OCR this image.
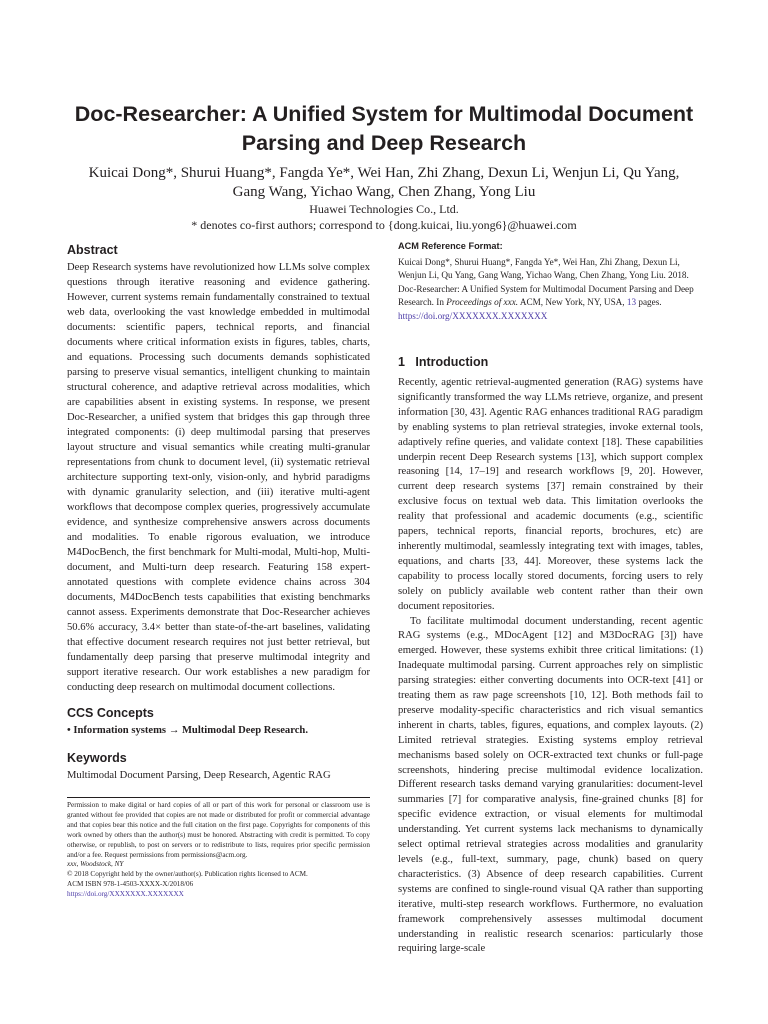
Doc-Researcher: A Unified System for Multimodal Document Parsing and Deep Research
Kuicai Dong*, Shurui Huang*, Fangda Ye*, Wei Han, Zhi Zhang, Dexun Li, Wenjun Li, Qu Yang,
Gang Wang, Yichao Wang, Chen Zhang, Yong Liu
Huawei Technologies Co., Ltd.
* denotes co-first authors; correspond to {dong.kuicai, liu.yong6}@huawei.com
Abstract

Deep Research systems have revolutionized how LLMs solve complex questions through iterative reasoning and evidence gathering. However, current systems remain fundamentally constrained to textual web data, overlooking the vast knowledge embedded in multimodal documents: scientific papers, technical reports, and financial documents where critical information exists in figures, tables, charts, and equations. Processing such documents demands sophisticated parsing to preserve visual semantics, intelligent chunking to maintain structural coherence, and adaptive retrieval across modalities, which are capabilities absent in existing systems. In response, we present Doc-Researcher, a unified system that bridges this gap through three integrated components: (i) deep multimodal parsing that preserves layout structure and visual semantics while creating multi-granular representations from chunk to document level, (ii) systematic retrieval architecture supporting text-only, vision-only, and hybrid paradigms with dynamic granularity selection, and (iii) iterative multi-agent workflows that decompose complex queries, progressively accumulate evidence, and synthesize comprehensive answers across documents and modalities. To enable rigorous evaluation, we introduce M4DocBench, the first benchmark for Multi-modal, Multi-hop, Multi-document, and Multi-turn deep research. Featuring 158 expert-annotated questions with complete evidence chains across 304 documents, M4DocBench tests capabilities that existing benchmarks cannot assess. Experiments demonstrate that Doc-Researcher achieves 50.6% accuracy, 3.4× better than state-of-the-art baselines, validating that effective document research requires not just better retrieval, but fundamentally deep parsing that preserve multimodal integrity and support iterative research. Our work establishes a new paradigm for conducting deep research on multimodal document collections.

CCS Concepts

• Information systems → Multimodal Deep Research.

Keywords

Multimodal Document Parsing, Deep Research, Agentic RAG

Permission to make digital or hard copies of all or part of this work for personal or classroom use is granted without fee provided that copies are not made or distributed for profit or commercial advantage and that copies bear this notice and the full citation on the first page. Copyrights for components of this work owned by others than the author(s) must be honored. Abstracting with credit is permitted. To copy otherwise, or republish, to post on servers or to redistribute to lists, requires prior specific permission and/or a fee. Request permissions from permissions@acm.org.

xxx, Woodstock, NY

© 2018 Copyright held by the owner/author(s). Publication rights licensed to ACM.

ACM ISBN 978-1-4503-XXXX-X/2018/06

https://doi.org/XXXXXXX.XXXXXXX

ACM Reference Format:
Kuicai Dong*, Shurui Huang*, Fangda Ye*, Wei Han, Zhi Zhang, Dexun Li, Wenjun Li, Qu Yang, Gang Wang, Yichao Wang, Chen Zhang, Yong Liu. 2018. Doc-Researcher: A Unified System for Multimodal Document Parsing and Deep Research. In Proceedings of xxx. ACM, New York, NY, USA, 13 pages. https://doi.org/XXXXXXX.XXXXXXX
1 Introduction

Recently, agentic retrieval-augmented generation (RAG) systems have significantly transformed the way LLMs retrieve, organize, and present information [30, 43]. Agentic RAG enhances traditional RAG paradigm by enabling systems to plan retrieval strategies, invoke external tools, adaptively refine queries, and validate context [18]. These capabilities underpin recent Deep Research systems [13], which support complex reasoning [14, 17–19] and research workflows [9, 20]. However, current deep research systems [37] remain constrained by their exclusive focus on textual web data. This limitation overlooks the reality that professional and academic documents (e.g., scientific papers, technical reports, financial reports, brochures, etc) are inherently multimodal, seamlessly integrating text with images, tables, equations, and charts [33, 44]. Moreover, these systems lack the capability to process locally stored documents, forcing users to rely solely on publicly available web content rather than their own document repositories.

To facilitate multimodal document understanding, recent agentic RAG systems (e.g., MDocAgent [12] and M3DocRAG [3]) have emerged. However, these systems exhibit three critical limitations: (1) Inadequate multimodal parsing. Current approaches rely on simplistic parsing strategies: either converting documents into OCR-text [41] or treating them as raw page screenshots [10, 12]. Both methods fail to preserve modality-specific characteristics and rich visual semantics inherent in charts, tables, figures, equations, and complex layouts. (2) Limited retrieval strategies. Existing systems employ retrieval mechanisms based solely on OCR-extracted text chunks or full-page screenshots, hindering precise multimodal evidence localization. Different research tasks demand varying granularities: document-level summaries [7] for comparative analysis, fine-grained chunks [8] for specific evidence extraction, or visual elements for multimodal understanding. Yet current systems lack mechanisms to dynamically select optimal retrieval strategies across modalities and granularity levels (e.g., full-text, summary, page, chunk) based on query characteristics. (3) Absence of deep research capabilities. Current systems are confined to single-round visual QA rather than supporting iterative, multi-step research workflows. Furthermore, no evaluation framework comprehensively assesses multimodal document understanding in realistic research scenarios: particularly those requiring large-scale
